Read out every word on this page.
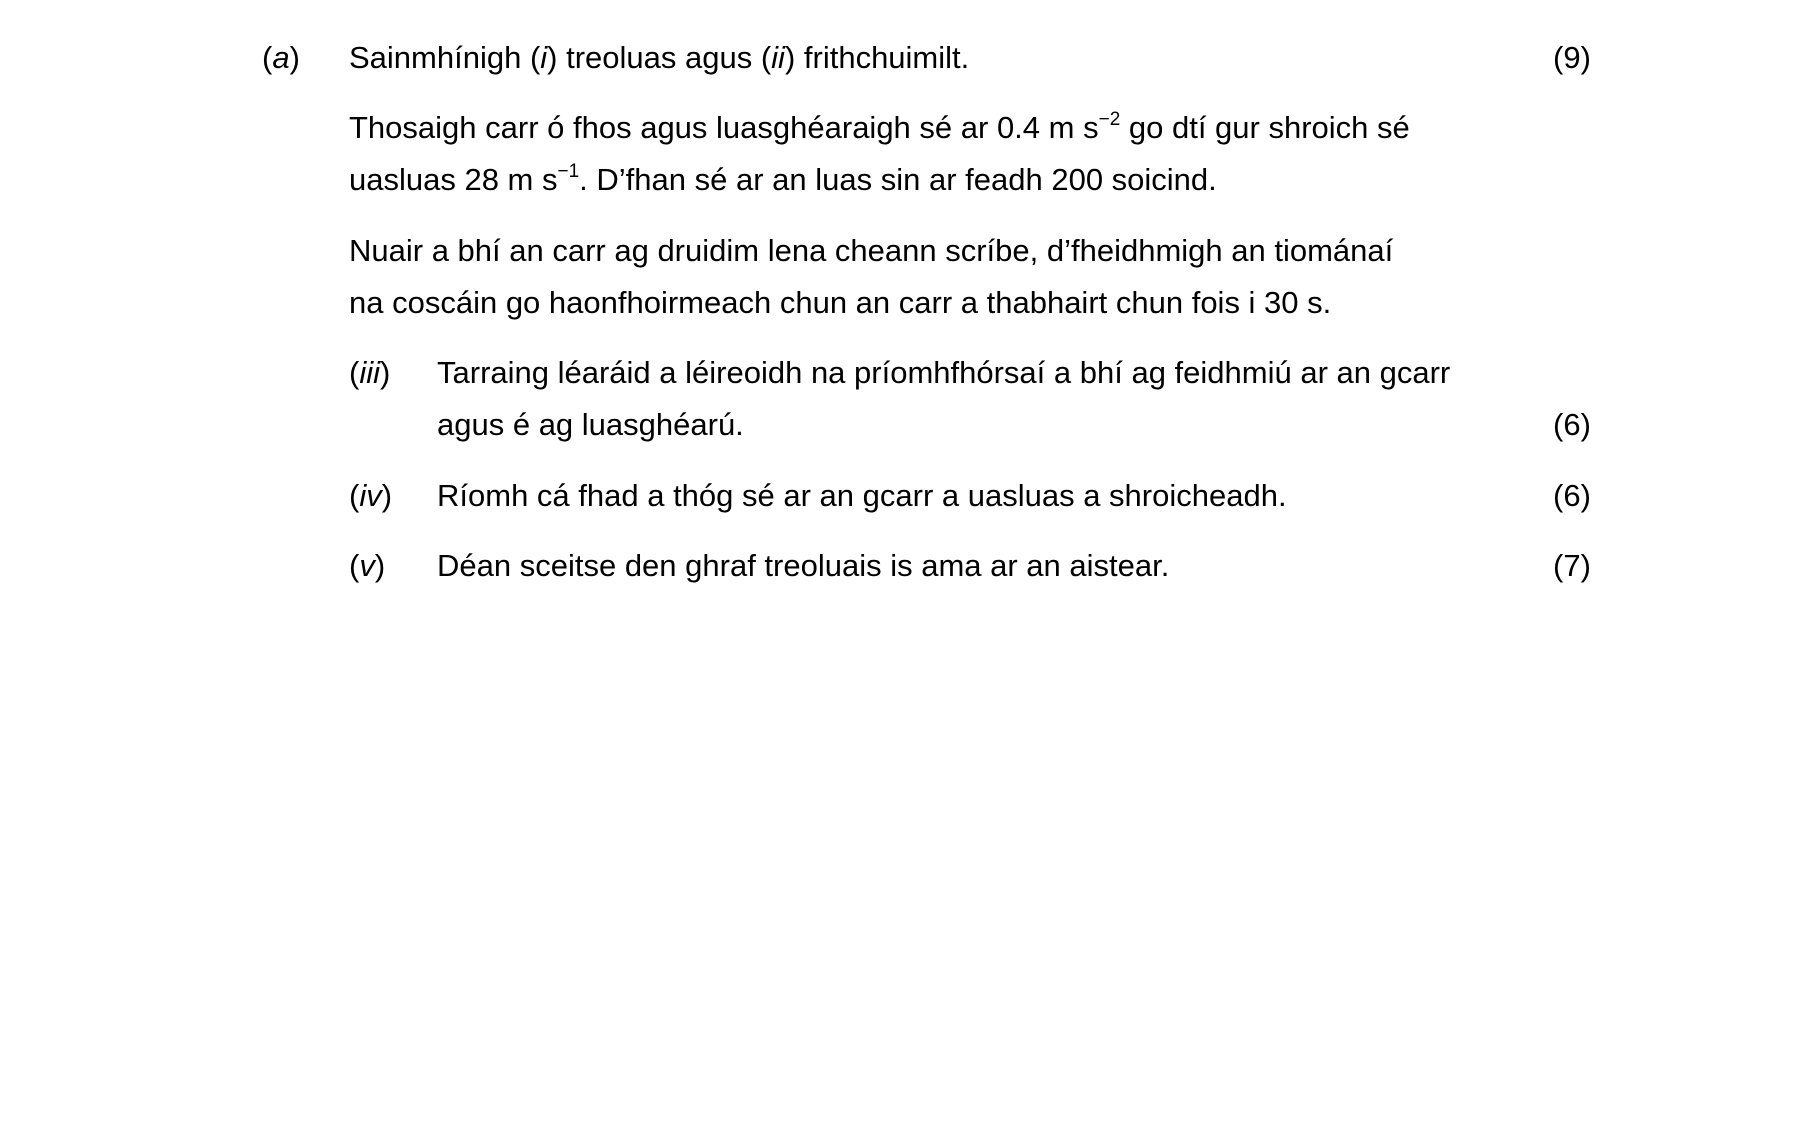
(a) Sainmhínigh (i) treoluas agus (ii) frithchuimilt.	(9)
Thosaigh carr ó fhos agus luasghéaraigh sé ar 0.4 m $s^{-2}$ go dtí gur shroich sé
uasluas 28 m $s^{-1}$. D’fhan sé ar an luas sin ar feadh 200 soicind.
Nuair a bhí an carr ag druidim lena cheann scríbe, d’fheidhmigh an tiománaí
na coscáin go haonfhoirmeach chun an carr a thabhairt chun fois i 30 s.
(iii) Tarraing léaráid a léireoidh na príomhfhórsaí a bhí ag feidhmiú ar an gcarr
agus é ag luasghéarú.	(6)
(iv) Ríomh cá fhad a thóg sé ar an gcarr a uasluas a shroicheadh.	(6)
(v) Déan sceitse den ghraf treoluais is ama ar an aistear.	(7)
